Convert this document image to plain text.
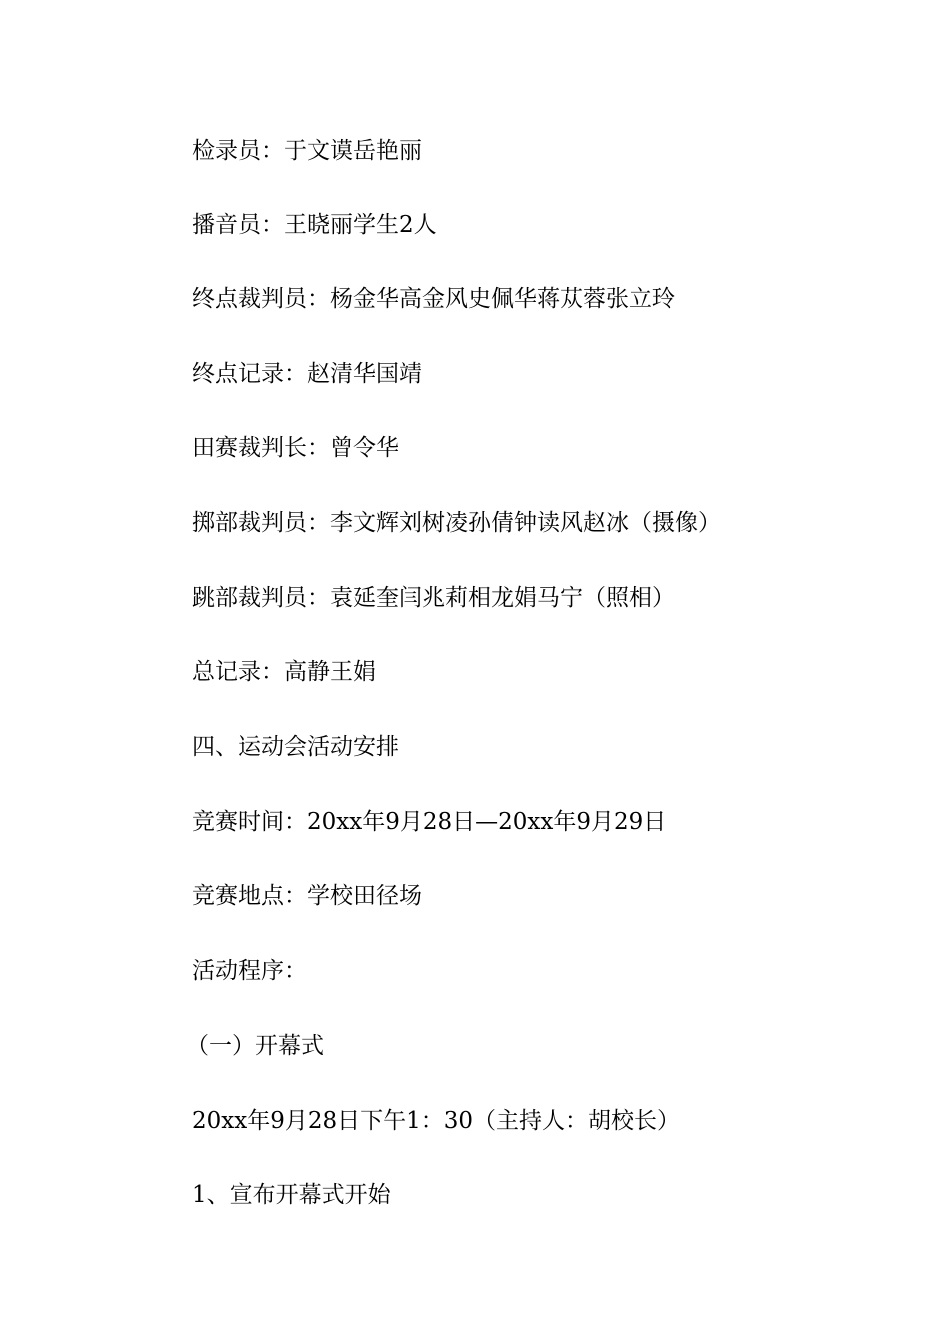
检录员：于文谟岳艳丽

播音员：王晓丽学生2人

终点裁判员：杨金华高金风史佩华蒋苁蓉张立玲

终点记录：赵清华国靖

田赛裁判长：曾令华

掷部裁判员：李文辉刘树凌孙倩钟读风赵冰（摄像）

跳部裁判员：袁延奎闫兆莉相龙娟马宁（照相）

总记录：高静王娟

四、运动会活动安排

竞赛时间：20xx年9月28日—20xx年9月29日

竞赛地点：学校田径场

活动程序：

（一）开幕式

20xx年9月28日下午1：30（主持人：胡校长）

1、宣布开幕式开始
